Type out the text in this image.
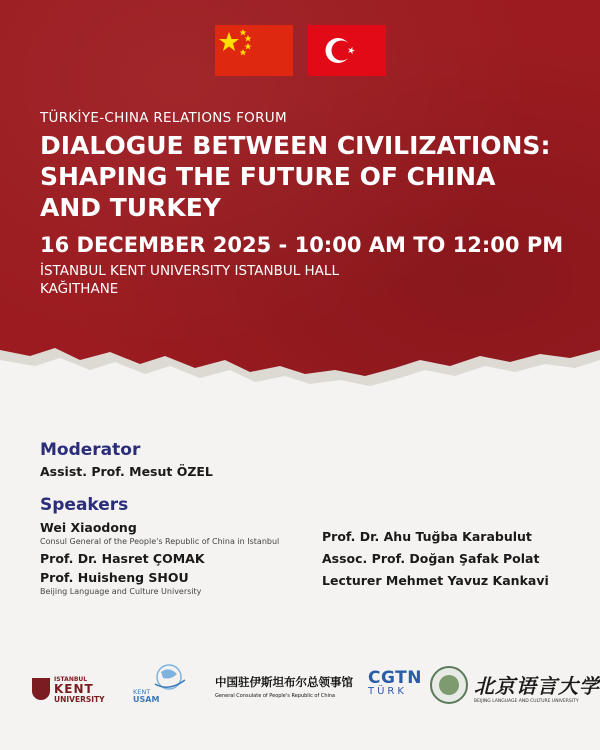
TÜRKİYE-CHINA RELATIONS FORUM
DIALOGUE BETWEEN CIVILIZATIONS:
SHAPING THE FUTURE OF CHINA
AND TURKEY
16 DECEMBER 2025 - 10:00 AM TO 12:00 PM
İSTANBUL KENT UNIVERSITY ISTANBUL HALL
KAĞITHANE
Moderator
Assist. Prof. Mesut ÖZEL
Speakers
Wei Xiaodong
Consul General of the People's Republic of China in Istanbul
Prof. Dr. Hasret ÇOMAK
Prof. Huisheng SHOU
Beijing Language and Culture University
Prof. Dr. Ahu Tuğba Karabulut
Assoc. Prof. Doğan Şafak Polat
Lecturer Mehmet Yavuz Kankavi
ISTANBUL
KENT
UNIVERSITY
KENT
USAM
中国驻伊斯坦布尔总领事馆
General Consulate of People's Republic of China
CGTN
TÜRK	北京语言大学
BEIJING LANGUAGE AND CULTURE UNIVERSITY
